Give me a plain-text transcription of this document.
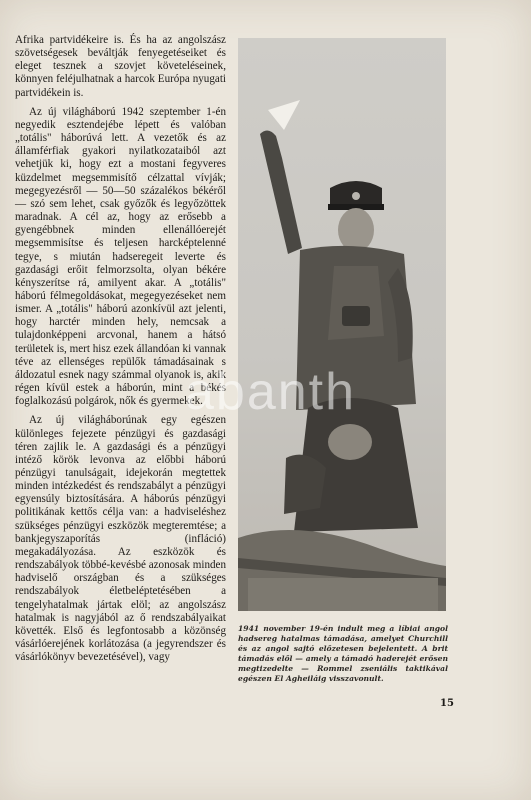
Afrika partvidékeire is. És ha az angolszász szövetségesek beváltják fenyegetéseiket és eleget tesznek a szovjet követeléseinek, könnyen feléjulhatnak a harcok Európa nyugati partvidékein is.

Az új világháború 1942 szeptember 1-én negyedik esztendejébe lépett és valóban „totális" háborúvá lett. A vezetők és az államférfiak gyakori nyilatkozataiból azt vehetjük ki, hogy ezt a mostani fegyveres küzdelmet megsemmisítő célzattal vívják; megegyezésről — 50—50 százalékos békéről — szó sem lehet, csak győzők és legyőzöttek maradnak. A cél az, hogy az erősebb a gyengébbnek minden ellenállóerejét megsemmisítse és teljesen harcképtelenné tegye, s miután hadseregeit leverte és gazdasági erőit felmorzsolta, olyan békére kényszerítse rá, amilyent akar. A „totális" háború félmegoldásokat, megegyezéseket nem ismer. A „totális" háború azonkívül azt jelenti, hogy harctér minden hely, nemcsak a tulajdonképpeni arcvonal, hanem a hátsó területek is, mert hisz ezek állandóan ki vannak téve az ellenséges repülők támadásainak s áldozatul esnek nagy számmal olyanok is, akik régen kívül estek a háborún, mint a békés foglalkozású polgárok, nők és gyermekek.

Az új világháborúnak egy egészen különleges fejezete pénzügyi és gazdasági téren zajlik le. A gazdasági és a pénzügyi intéző körök levonva az előbbi háború pénzügyi tanulságait, idejekorán megtettek minden intézkedést és rendszabályt a pénzügyi egyensúly biztosítására. A háborús pénzügyi politikának kettős célja van: a hadviseléshez szükséges pénzügyi eszközök megteremtése; a bankjegyszaporítás (infláció) megakadályozása. Az eszközök és rendszabályok többé-kevésbé azonosak minden hadviselő országban és a szükséges rendszabályok életbeléptetésében a tengelyhatalmak jártak elöl; az angolszász hatalmak is nagyjából az ő rendszabályaikat követték. Első és legfontosabb a közönség vásárlóerejének korlátozása (a jegyrendszer és vásárlókönyv bevezetésével), vagy

1941 november 19-én indult meg a líbiai angol hadsereg hatalmas támadása, amelyet Churchill és az angol sajtó előzetesen bejelentett. A brit támadás elől — amely a támadó haderejét erősen megtizedelte — Rommel zseniális taktikával egészen El Agheiláig visszavonult.
15
abanth
